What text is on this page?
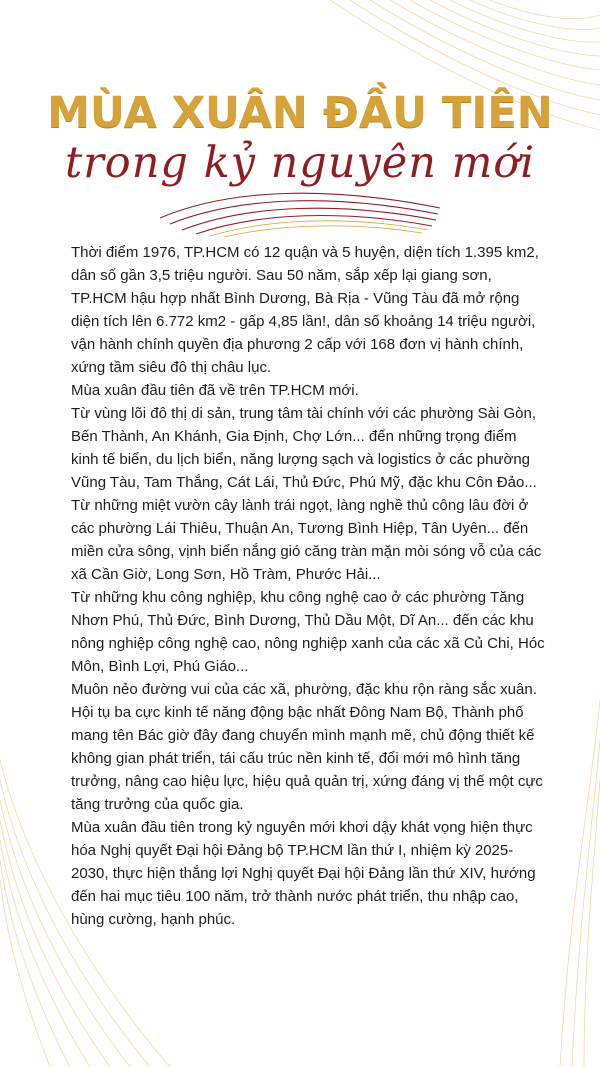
MÙA XUÂN ĐẦU TIÊN
trong kỷ nguyên mới

Thời điểm 1976, TP.HCM có 12 quận và 5 huyện, diện tích 1.395 km2, dân số gần 3,5 triệu người. Sau 50 năm, sắp xếp lại giang sơn, TP.HCM hậu hợp nhất Bình Dương, Bà Rịa - Vũng Tàu đã mở rộng diện tích lên 6.772 km2 - gấp 4,85 lần!, dân số khoảng 14 triệu người, vận hành chính quyền địa phương 2 cấp với 168 đơn vị hành chính, xứng tầm siêu đô thị châu lục.

Mùa xuân đầu tiên đã về trên TP.HCM mới.

Từ vùng lõi đô thị di sản, trung tâm tài chính với các phường Sài Gòn, Bến Thành, An Khánh, Gia Định, Chợ Lớn... đến những trọng điểm kinh tế biển, du lịch biển, năng lượng sạch và logistics ở các phường Vũng Tàu, Tam Thắng, Cát Lái, Thủ Đức, Phú Mỹ, đặc khu Côn Đảo...

Từ những miệt vườn cây lành trái ngọt, làng nghề thủ công lâu đời ở các phường Lái Thiêu, Thuận An, Tương Bình Hiệp, Tân Uyên... đến miền cửa sông, vịnh biển nắng gió căng tràn mặn mòi sóng vỗ của các xã Cần Giờ, Long Sơn, Hồ Tràm, Phước Hải...

Từ những khu công nghiệp, khu công nghệ cao ở các phường Tăng Nhơn Phú, Thủ Đức, Bình Dương, Thủ Dầu Một, Dĩ An... đến các khu nông nghiệp công nghệ cao, nông nghiệp xanh của các xã Củ Chi, Hóc Môn, Bình Lợi, Phú Giáo...

Muôn nẻo đường vui của các xã, phường, đặc khu rộn ràng sắc xuân. Hội tụ ba cực kinh tế năng động bậc nhất Đông Nam Bộ, Thành phố mang tên Bác giờ đây đang chuyển mình mạnh mẽ, chủ động thiết kế không gian phát triển, tái cấu trúc nền kinh tế, đổi mới mô hình tăng trưởng, nâng cao hiệu lực, hiệu quả quản trị, xứng đáng vị thế một cực tăng trưởng của quốc gia.

Mùa xuân đầu tiên trong kỷ nguyên mới khơi dậy khát vọng hiện thực hóa Nghị quyết Đại hội Đảng bộ TP.HCM lần thứ I, nhiệm kỳ 2025-2030, thực hiện thắng lợi Nghị quyết Đại hội Đảng lần thứ XIV, hướng đến hai mục tiêu 100 năm, trở thành nước phát triển, thu nhập cao, hùng cường, hạnh phúc.
